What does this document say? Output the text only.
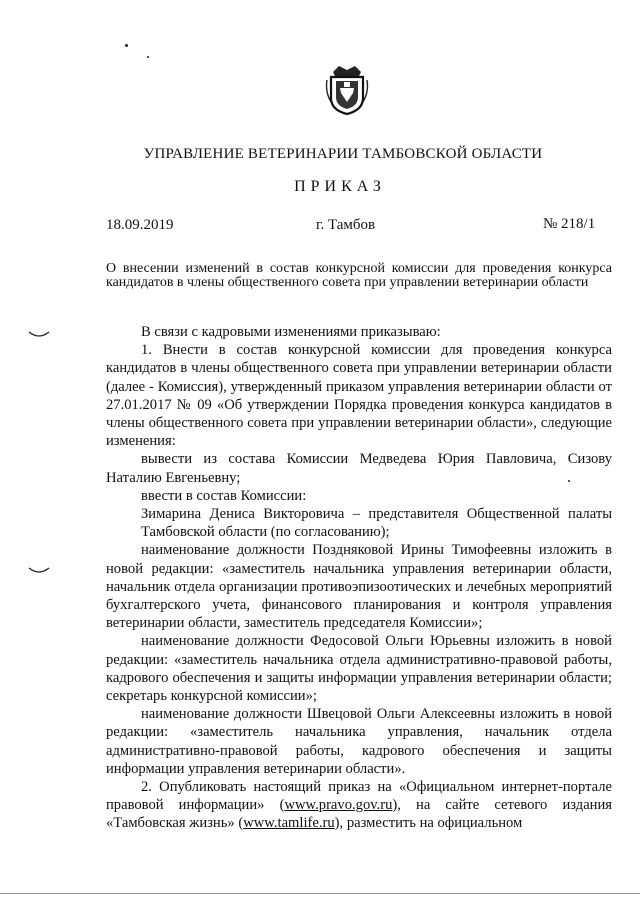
УПРАВЛЕНИЕ ВЕТЕРИНАРИИ ТАМБОВСКОЙ ОБЛАСТИ
ПРИКАЗ
18.09.2019	г. Тамбов	№ 218/1
О внесении изменений в состав конкурсной комиссии для проведения конкурса кандидатов в члены общественного совета при управлении ветеринарии области

В связи с кадровыми изменениями приказываю:

1. Внести в состав конкурсной комиссии для проведения конкурса кандидатов в члены общественного совета при управлении ветеринарии области (далее - Комиссия), утвержденный приказом управления ветеринарии области от 27.01.2017 № 09 «Об утверждении Порядка проведения конкурса кандидатов в члены общественного совета при управлении ветеринарии области», следующие изменения:

вывести из состава Комиссии Медведева Юрия Павловича, Сизову Наталию Евгеньевну;

ввести в состав Комиссии:

Зимарина Дениса Викторовича – представителя Общественной палаты Тамбовской области (по согласованию);

наименование должности Поздняковой Ирины Тимофеевны изложить в новой редакции: «заместитель начальника управления ветеринарии области, начальник отдела организации противоэпизоотических и лечебных мероприятий бухгалтерского учета, финансового планирования и контроля управления ветеринарии области, заместитель председателя Комиссии»;

наименование должности Федосовой Ольги Юрьевны изложить в новой редакции: «заместитель начальника отдела административно-правовой работы, кадрового обеспечения и защиты информации управления ветеринарии области; секретарь конкурсной комиссии»;

наименование должности Швецовой Ольги Алексеевны изложить в новой редакции: «заместитель начальника управления, начальник отдела административно-правовой работы, кадрового обеспечения и защиты информации управления ветеринарии области».

2. Опубликовать настоящий приказ на «Официальном интернет-портале правовой информации» (www.pravo.gov.ru), на сайте сетевого издания «Тамбовская жизнь» (www.tamlife.ru), разместить на официальном
